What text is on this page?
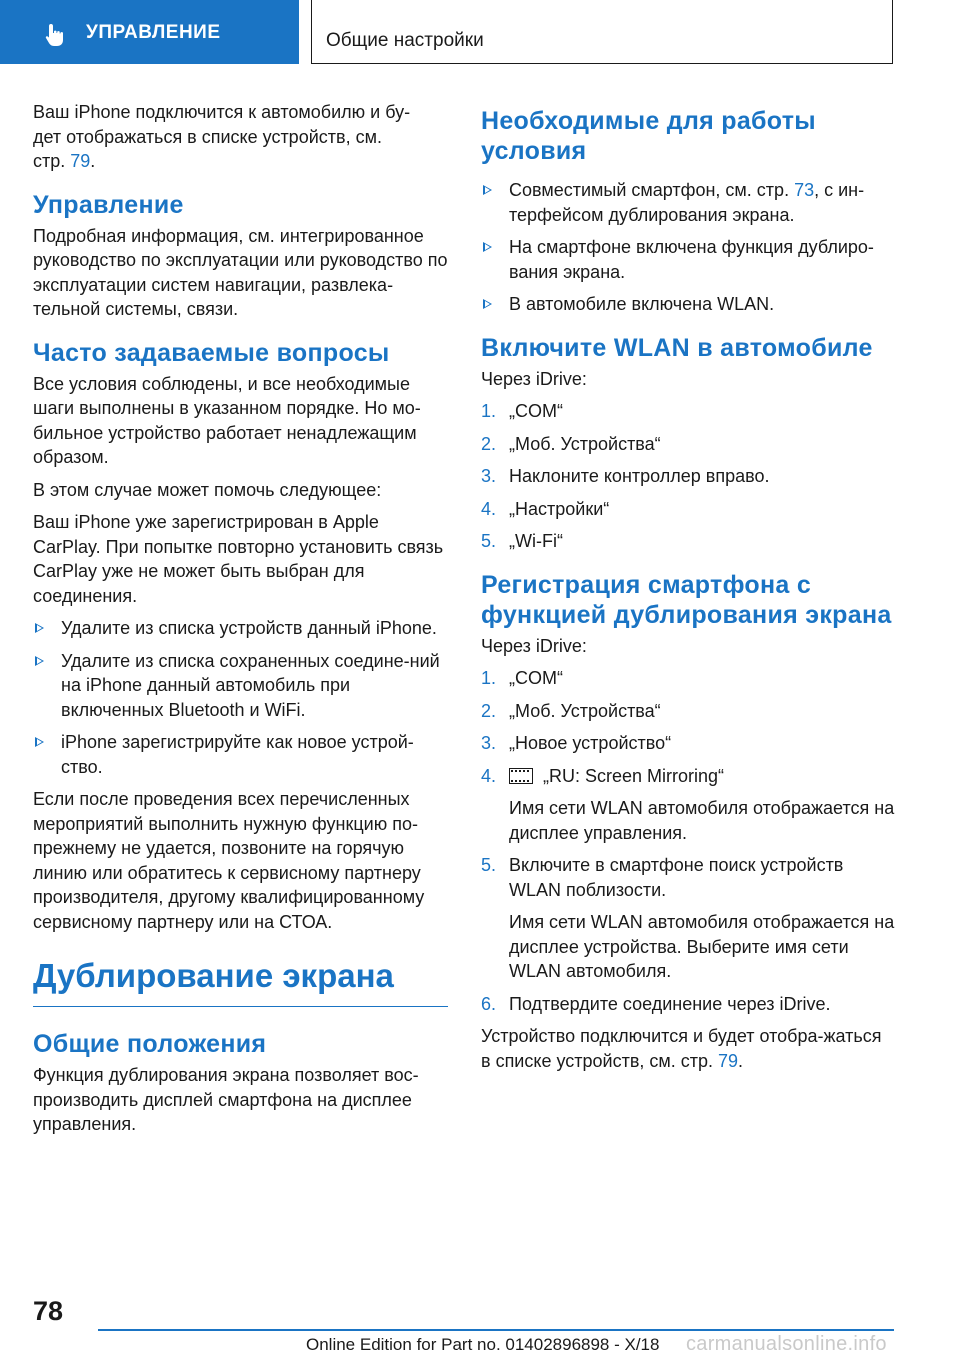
УПРАВЛЕНИЕ	Общие настройки

Ваш iPhone подключится к автомобилю и бу-
дет отображаться в списке устройств, см.
стр. 79.

Управление

Подробная информация, см. интегрированное руководство по эксплуатации или руководство по эксплуатации систем навигации, развлека-тельной системы, связи.

Часто задаваемые вопросы

Все условия соблюдены, и все необходимые шаги выполнены в указанном порядке. Но мо-бильное устройство работает ненадлежащим образом.

В этом случае может помочь следующее:

Ваш iPhone уже зарегистрирован в Apple CarPlay. При попытке повторно установить связь CarPlay уже не может быть выбран для соединения.

Удалите из списка устройств данный iPhone.
Удалите из списка сохраненных соедине-ний на iPhone данный автомобиль при включенных Bluetooth и WiFi.
iPhone зарегистрируйте как новое устрой-ство.

Если после проведения всех перечисленных мероприятий выполнить нужную функцию по-прежнему не удается, позвоните на горячую линию или обратитесь к сервисному партнеру производителя, другому квалифицированному сервисному партнеру или на СТОА.

Дублирование экрана
Общие положения

Функция дублирования экрана позволяет вос-производить дисплей смартфона на дисплее управления.

Необходимые для работы условия
Совместимый смартфон, см. стр. 73, с ин-терфейсом дублирования экрана.
На смартфоне включена функция дублиро-вания экрана.
В автомобиле включена WLAN.
Включите WLAN в автомобиле

Через iDrive:

1. „COM“
2. „Моб. Устройства“
3. Наклоните контроллер вправо.
4. „Настройки“
5. „Wi-Fi“
Регистрация смартфона с функцией дублирования экрана

Через iDrive:

1. „COM“
2. „Моб. Устройства“
3. „Новое устройство“
4.	„RU: Screen Mirroring“
Имя сети WLAN автомобиля отображается на дисплее управления.
5. Включите в смартфоне поиск устройств WLAN поблизости.
Имя сети WLAN автомобиля отображается на дисплее устройства. Выберите имя сети WLAN автомобиля.
6. Подтвердите соединение через iDrive.

Устройство подключится и будет отобра-жаться в списке устройств, см. стр. 79.

78
Online Edition for Part no. 01402896898 - X/18 carmanualsonline.info
